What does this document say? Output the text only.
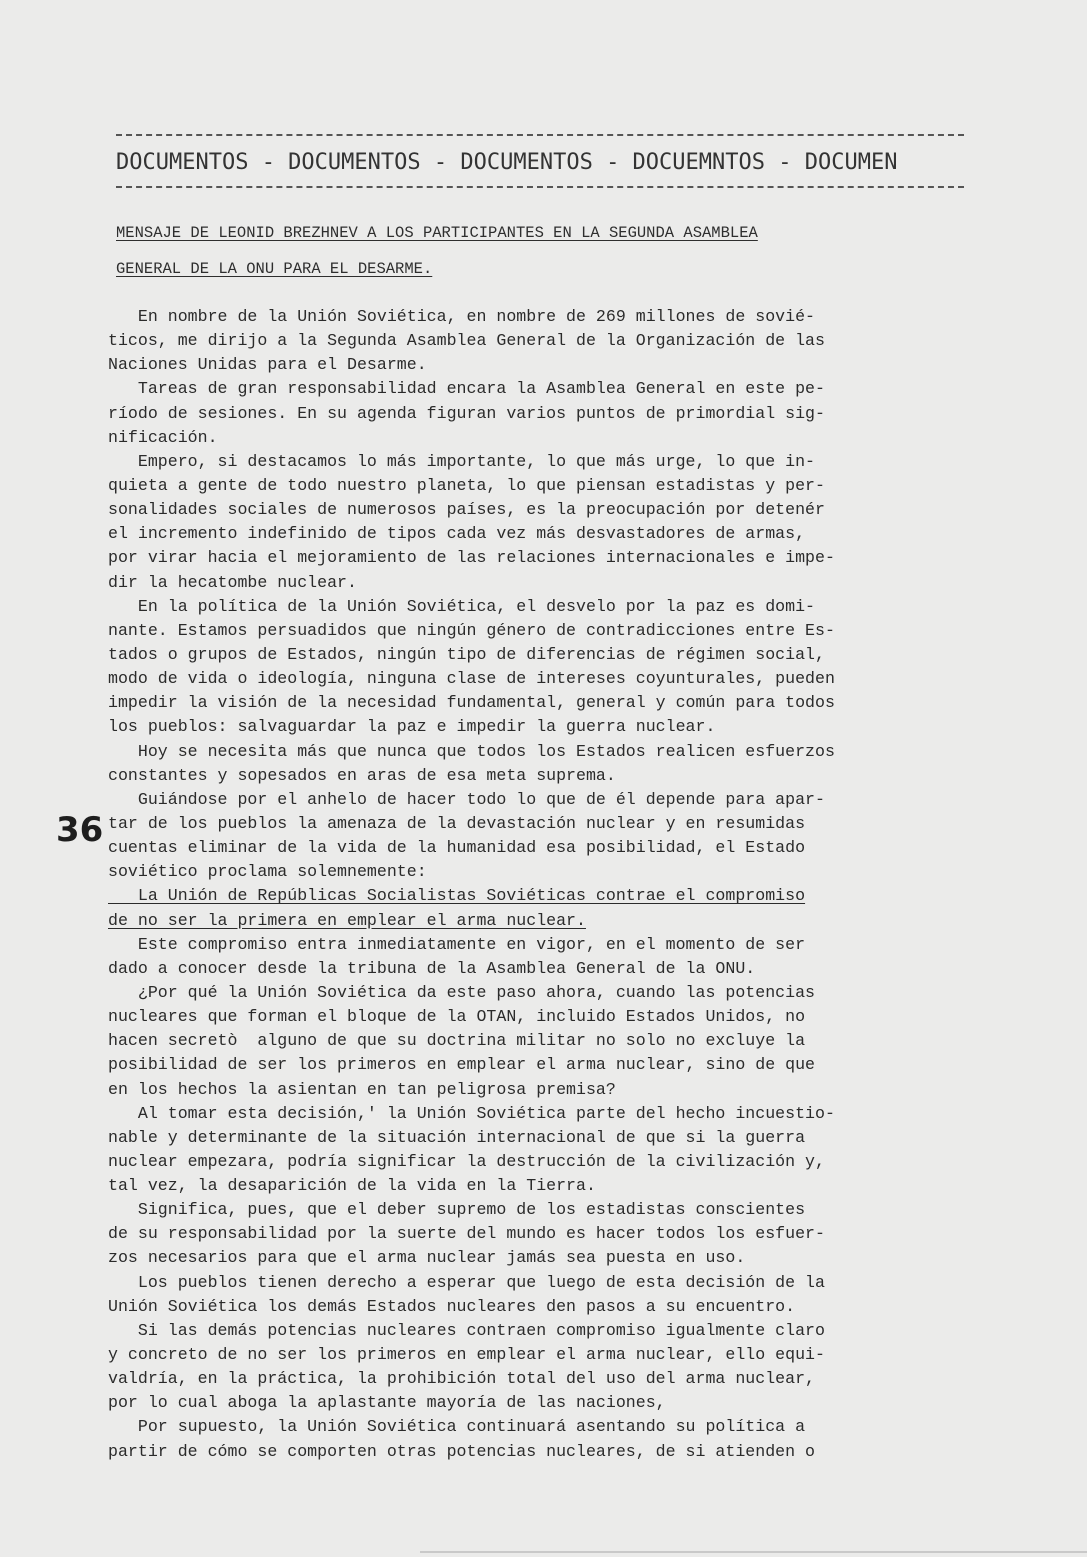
DOCUMENTOS - DOCUMENTOS - DOCUMENTOS - DOCUEMNTOS - DOCUMEN
MENSAJE DE LEONID BREZHNEV A LOS PARTICIPANTES EN LA SEGUNDA ASAMBLEA
GENERAL DE LA ONU PARA EL DESARME.
36
En nombre de la Unión Soviética, en nombre de 269 millones de sovié-
ticos, me dirijo a la Segunda Asamblea General de la Organización de las
Naciones Unidas para el Desarme.
Tareas de gran responsabilidad encara la Asamblea General en este pe-
ríodo de sesiones. En su agenda figuran varios puntos de primordial sig-
nificación.
Empero, si destacamos lo más importante, lo que más urge, lo que in-
quieta a gente de todo nuestro planeta, lo que piensan estadistas y per-
sonalidades sociales de numerosos países, es la preocupación por detenér
el incremento indefinido de tipos cada vez más desvastadores de armas,
por virar hacia el mejoramiento de las relaciones internacionales e impe-
dir la hecatombe nuclear.
En la política de la Unión Soviética, el desvelo por la paz es domi-
nante. Estamos persuadidos que ningún género de contradicciones entre Es-
tados o grupos de Estados, ningún tipo de diferencias de régimen social,
modo de vida o ideología, ninguna clase de intereses coyunturales, pueden
impedir la visión de la necesidad fundamental, general y común para todos
los pueblos: salvaguardar la paz e impedir la guerra nuclear.
Hoy se necesita más que nunca que todos los Estados realicen esfuerzos
constantes y sopesados en aras de esa meta suprema.
Guiándose por el anhelo de hacer todo lo que de él depende para apar-
tar de los pueblos la amenaza de la devastación nuclear y en resumidas
cuentas eliminar de la vida de la humanidad esa posibilidad, el Estado
soviético proclama solemnemente:
La Unión de Repúblicas Socialistas Soviéticas contrae el compromiso
de no ser la primera en emplear el arma nuclear.
Este compromiso entra inmediatamente en vigor, en el momento de ser
dado a conocer desde la tribuna de la Asamblea General de la ONU.
¿Por qué la Unión Soviética da este paso ahora, cuando las potencias
nucleares que forman el bloque de la OTAN, incluido Estados Unidos, no
hacen secretò  alguno de que su doctrina militar no solo no excluye la
posibilidad de ser los primeros en emplear el arma nuclear, sino de que
en los hechos la asientan en tan peligrosa premisa?
Al tomar esta decisión,' la Unión Soviética parte del hecho incuestio-
nable y determinante de la situación internacional de que si la guerra
nuclear empezara, podría significar la destrucción de la civilización y,
tal vez, la desaparición de la vida en la Tierra.
Significa, pues, que el deber supremo de los estadistas conscientes
de su responsabilidad por la suerte del mundo es hacer todos los esfuer-
zos necesarios para que el arma nuclear jamás sea puesta en uso.
Los pueblos tienen derecho a esperar que luego de esta decisión de la
Unión Soviética los demás Estados nucleares den pasos a su encuentro.
Si las demás potencias nucleares contraen compromiso igualmente claro
y concreto de no ser los primeros en emplear el arma nuclear, ello equi-
valdría, en la práctica, la prohibición total del uso del arma nuclear,
por lo cual aboga la aplastante mayoría de las naciones,
Por supuesto, la Unión Soviética continuará asentando su política a
partir de cómo se comporten otras potencias nucleares, de si atienden o
